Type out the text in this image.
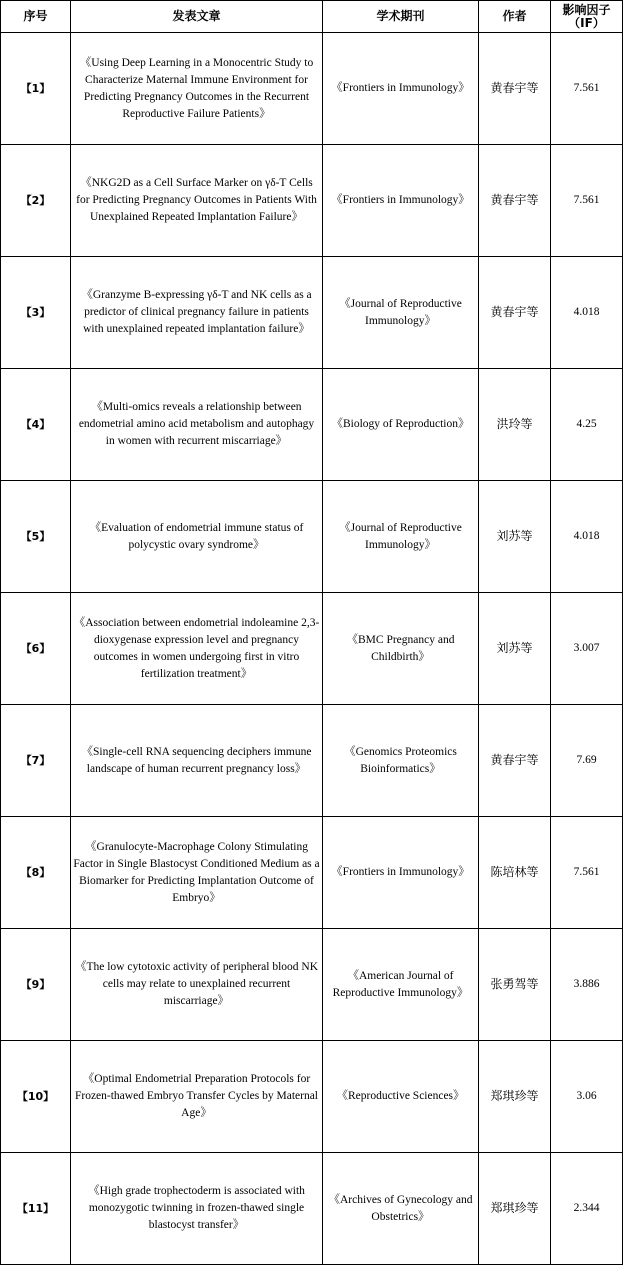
序号	发表文章	学术期刊	作者	影响因子
（IF）
【1】	《Using Deep Learning in a Monocentric Study to Characterize Maternal Immune Environment for Predicting Pregnancy Outcomes in the Recurrent Reproductive Failure Patients》	《Frontiers in Immunology》	黄春宇等	7.561
【2】	《NKG2D as a Cell Surface Marker on γδ-T Cells for Predicting Pregnancy Outcomes in Patients With Unexplained Repeated Implantation Failure》	《Frontiers in Immunology》	黄春宇等	7.561
【3】	《Granzyme B-expressing γδ-T and NK cells as a predictor of clinical pregnancy failure in patients with unexplained repeated implantation failure》	《Journal of Reproductive Immunology》	黄春宇等	4.018
【4】	《Multi-omics reveals a relationship between endometrial amino acid metabolism and autophagy in women with recurrent miscarriage》	《Biology of Reproduction》	洪玲等	4.25
【5】	《Evaluation of endometrial immune status of polycystic ovary syndrome》	《Journal of Reproductive Immunology》	刘苏等	4.018
【6】	《Association between endometrial indoleamine 2,3-dioxygenase expression level and pregnancy outcomes in women undergoing first in vitro fertilization treatment》	《BMC Pregnancy and Childbirth》	刘苏等	3.007
【7】	《Single-cell RNA sequencing deciphers immune landscape of human recurrent pregnancy loss》	《Genomics Proteomics Bioinformatics》	黄春宇等	7.69
【8】	《Granulocyte-Macrophage Colony Stimulating Factor in Single Blastocyst Conditioned Medium as a Biomarker for Predicting Implantation Outcome of Embryo》	《Frontiers in Immunology》	陈培林等	7.561
【9】	《The low cytotoxic activity of peripheral blood NK cells may relate to unexplained recurrent miscarriage》	《American Journal of Reproductive Immunology》	张勇驾等	3.886
【10】	《Optimal Endometrial Preparation Protocols for Frozen-thawed Embryo Transfer Cycles by Maternal Age》	《Reproductive Sciences》	郑琪珍等	3.06
【11】	《High grade trophectoderm is associated with monozygotic twinning in frozen-thawed single blastocyst transfer》	《Archives of Gynecology and Obstetrics》	郑琪珍等	2.344
